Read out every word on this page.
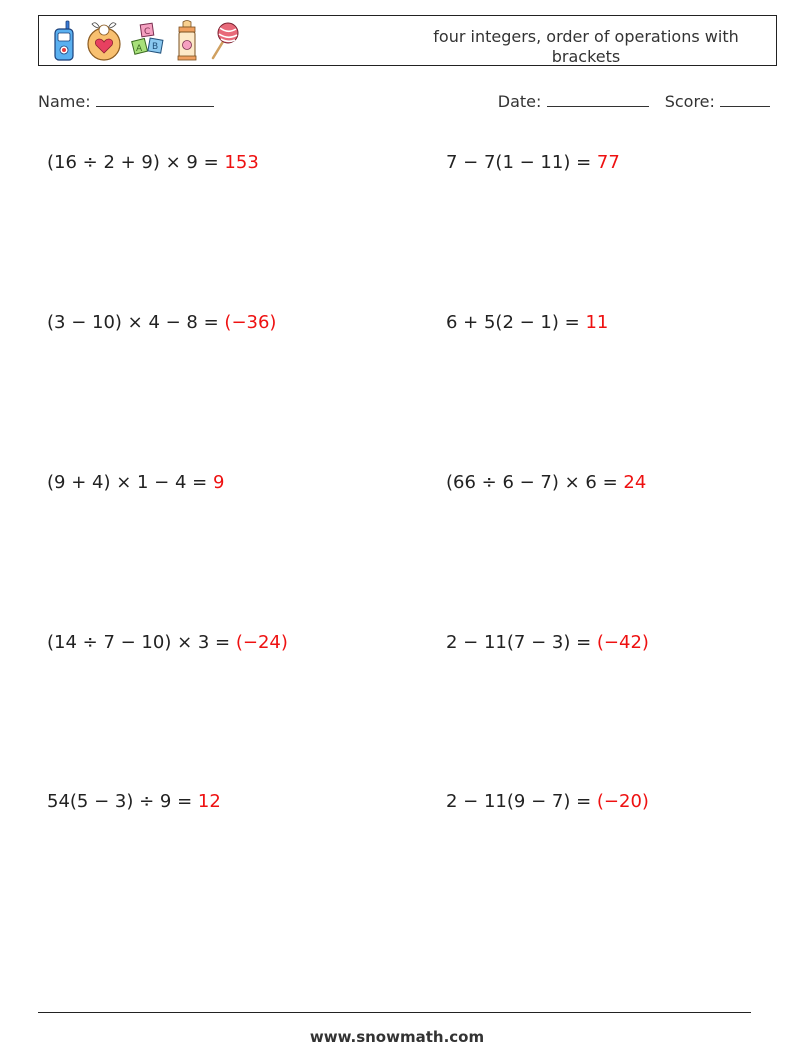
C
A B
four integers, order of operations with brackets
Name:	Date:	Score:
(16 ÷ 2 + 9) × 9 = 153	7 − 7(1 − 11) = 77
(3 − 10) × 4 − 8 = (−36)	6 + 5(2 − 1) = 11
(9 + 4) × 1 − 4 = 9	(66 ÷ 6 − 7) × 6 = 24
(14 ÷ 7 − 10) × 3 = (−24)	2 − 11(7 − 3) = (−42)
54(5 − 3) ÷ 9 = 12	2 − 11(9 − 7) = (−20)
www.snowmath.com
